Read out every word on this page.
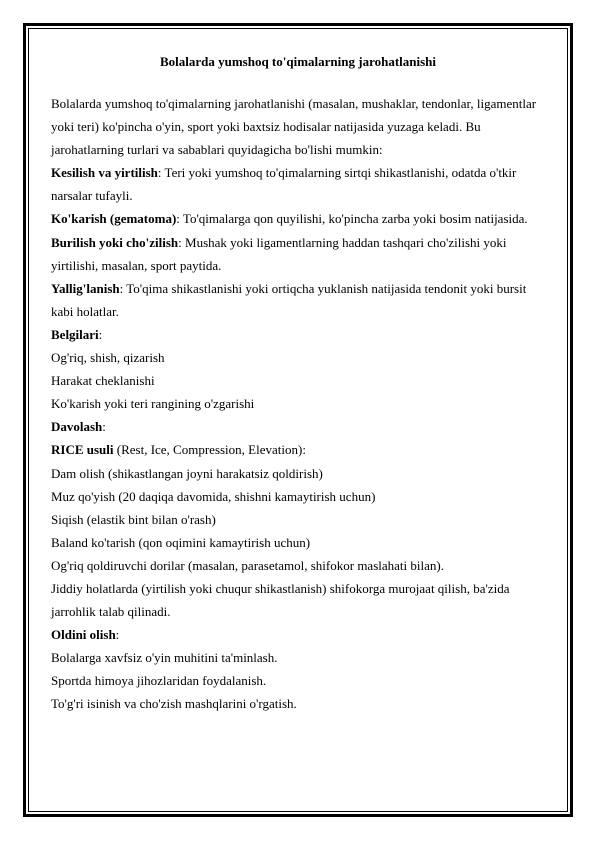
Bolalarda yumshoq to'qimalarning jarohatlanishi

Bolalarda yumshoq to'qimalarning jarohatlanishi (masalan, mushaklar, tendonlar, ligamentlar yoki teri) ko'pincha o'yin, sport yoki baxtsiz hodisalar natijasida yuzaga keladi. Bu jarohatlarning turlari va sabablari quyidagicha bo'lishi mumkin:

Kesilish va yirtilish: Teri yoki yumshoq to'qimalarning sirtqi shikastlanishi, odatda o'tkir narsalar tufayli.

Ko'karish (gematoma): To'qimalarga qon quyilishi, ko'pincha zarba yoki bosim natijasida.

Burilish yoki cho'zilish: Mushak yoki ligamentlarning haddan tashqari cho'zilishi yoki yirtilishi, masalan, sport paytida.

Yallig'lanish: To'qima shikastlanishi yoki ortiqcha yuklanish natijasida tendonit yoki bursit kabi holatlar.

Belgilari:

Og'riq, shish, qizarish

Harakat cheklanishi

Ko'karish yoki teri rangining o'zgarishi

Davolash:

RICE usuli (Rest, Ice, Compression, Elevation):

Dam olish (shikastlangan joyni harakatsiz qoldirish)

Muz qo'yish (20 daqiqa davomida, shishni kamaytirish uchun)

Siqish (elastik bint bilan o'rash)

Baland ko'tarish (qon oqimini kamaytirish uchun)

Og'riq qoldiruvchi dorilar (masalan, parasetamol, shifokor maslahati bilan).

Jiddiy holatlarda (yirtilish yoki chuqur shikastlanish) shifokorga murojaat qilish, ba'zida jarrohlik talab qilinadi.

Oldini olish:

Bolalarga xavfsiz o'yin muhitini ta'minlash.

Sportda himoya jihozlaridan foydalanish.

To'g'ri isinish va cho'zish mashqlarini o'rgatish.
